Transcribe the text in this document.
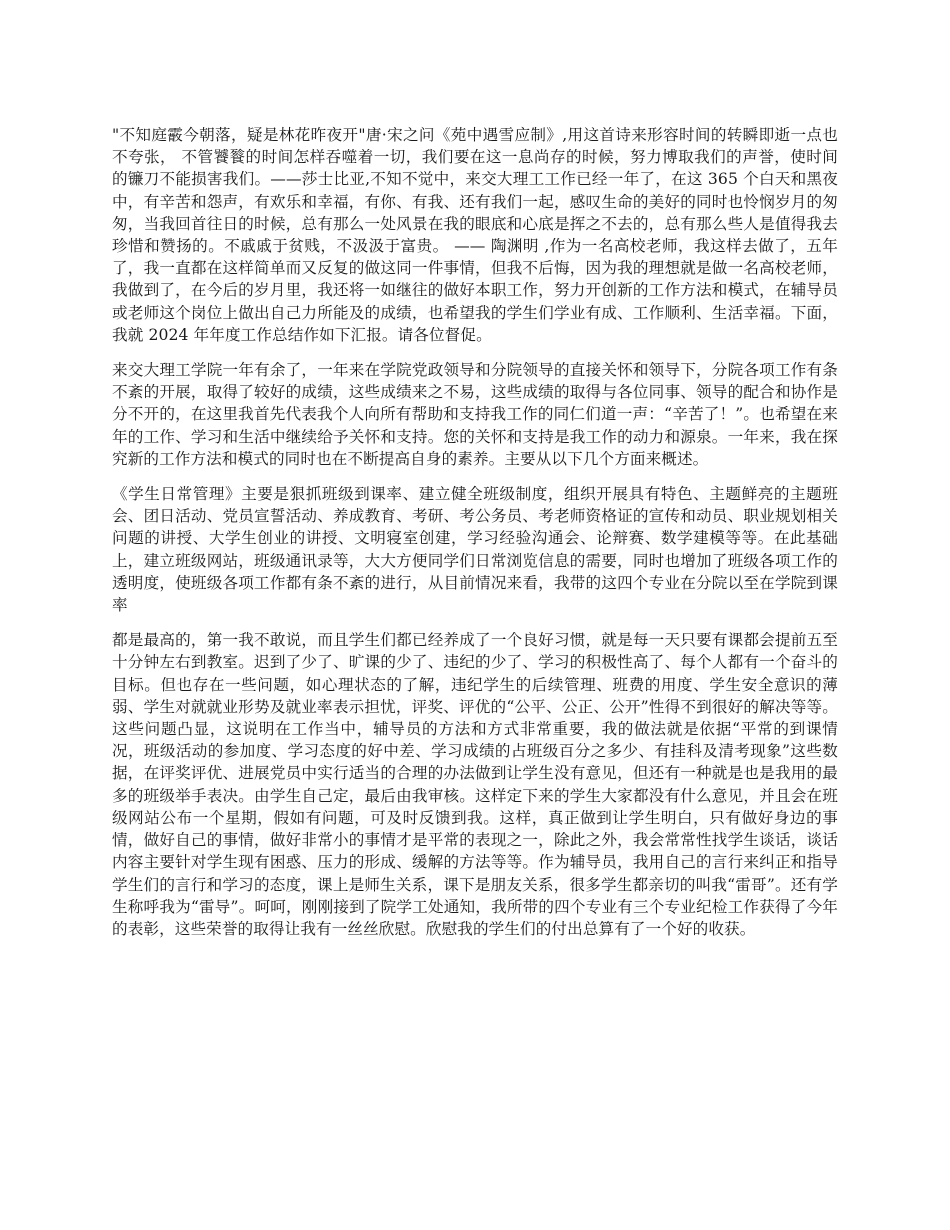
"不知庭霰今朝落，疑是林花昨夜开"唐·宋之问《苑中遇雪应制》,用这首诗来形容时间的转瞬即逝一点也不夸张， 不管饕餮的时间怎样吞噬着一切，我们要在这一息尚存的时候，努力博取我们的声誉，使时间的镰刀不能损害我们。——莎士比亚,不知不觉中，来交大理工工作已经一年了，在这 365 个白天和黑夜中，有辛苦和怨声，有欢乐和幸福，有你、有我、还有我们一起，感叹生命的美好的同时也怜悯岁月的匆匆，当我回首往日的时候，总有那么一处风景在我的眼底和心底是挥之不去的，总有那么些人是值得我去珍惜和赞扬的。不戚戚于贫贱，不汲汲于富贵。 —— 陶渊明 ,作为一名高校老师，我这样去做了，五年了，我一直都在这样简单而又反复的做这同一件事情，但我不后悔，因为我的理想就是做一名高校老师，我做到了，在今后的岁月里，我还将一如继往的做好本职工作，努力开创新的工作方法和模式，在辅导员或老师这个岗位上做出自己力所能及的成绩，也希望我的学生们学业有成、工作顺利、生活幸福。下面，我就 2024 年年度工作总结作如下汇报。请各位督促。

来交大理工学院一年有余了，一年来在学院党政领导和分院领导的直接关怀和领导下，分院各项工作有条不紊的开展，取得了较好的成绩，这些成绩来之不易，这些成绩的取得与各位同事、领导的配合和协作是分不开的，在这里我首先代表我个人向所有帮助和支持我工作的同仁们道一声：“辛苦了！”。也希望在来年的工作、学习和生活中继续给予关怀和支持。您的关怀和支持是我工作的动力和源泉。一年来，我在探究新的工作方法和模式的同时也在不断提高自身的素养。主要从以下几个方面来概述。

《学生日常管理》主要是狠抓班级到课率、建立健全班级制度，组织开展具有特色、主题鲜亮的主题班会、团日活动、党员宣誓活动、养成教育、考研、考公务员、考老师资格证的宣传和动员、职业规划相关问题的讲授、大学生创业的讲授、文明寝室创建，学习经验沟通会、论辩赛、数学建模等等。在此基础上，建立班级网站，班级通讯录等，大大方便同学们日常浏览信息的需要，同时也增加了班级各项工作的透明度，使班级各项工作都有条不紊的进行，从目前情况来看，我带的这四个专业在分院以至在学院到课率

都是最高的，第一我不敢说，而且学生们都已经养成了一个良好习惯，就是每一天只要有课都会提前五至十分钟左右到教室。迟到了少了、旷课的少了、违纪的少了、学习的积极性高了、每个人都有一个奋斗的目标。但也存在一些问题，如心理状态的了解，违纪学生的后续管理、班费的用度、学生安全意识的薄弱、学生对就就业形势及就业率表示担忧，评奖、评优的“公平、公正、公开”性得不到很好的解决等等。这些问题凸显，这说明在工作当中，辅导员的方法和方式非常重要，我的做法就是依据“平常的到课情况，班级活动的参加度、学习态度的好中差、学习成绩的占班级百分之多少、有挂科及清考现象”这些数据，在评奖评优、进展党员中实行适当的合理的办法做到让学生没有意见，但还有一种就是也是我用的最多的班级举手表决。由学生自己定，最后由我审核。这样定下来的学生大家都没有什么意见，并且会在班级网站公布一个星期，假如有问题，可及时反馈到我。这样，真正做到让学生明白，只有做好身边的事情，做好自己的事情，做好非常小的事情才是平常的表现之一，除此之外，我会常常性找学生谈话，谈话内容主要针对学生现有困惑、压力的形成、缓解的方法等等。作为辅导员，我用自己的言行来纠正和指导学生们的言行和学习的态度，课上是师生关系，课下是朋友关系，很多学生都亲切的叫我“雷哥”。还有学生称呼我为“雷导”。呵呵，刚刚接到了院学工处通知，我所带的四个专业有三个专业纪检工作获得了今年的表彰，这些荣誉的取得让我有一丝丝欣慰。欣慰我的学生们的付出总算有了一个好的收获。
